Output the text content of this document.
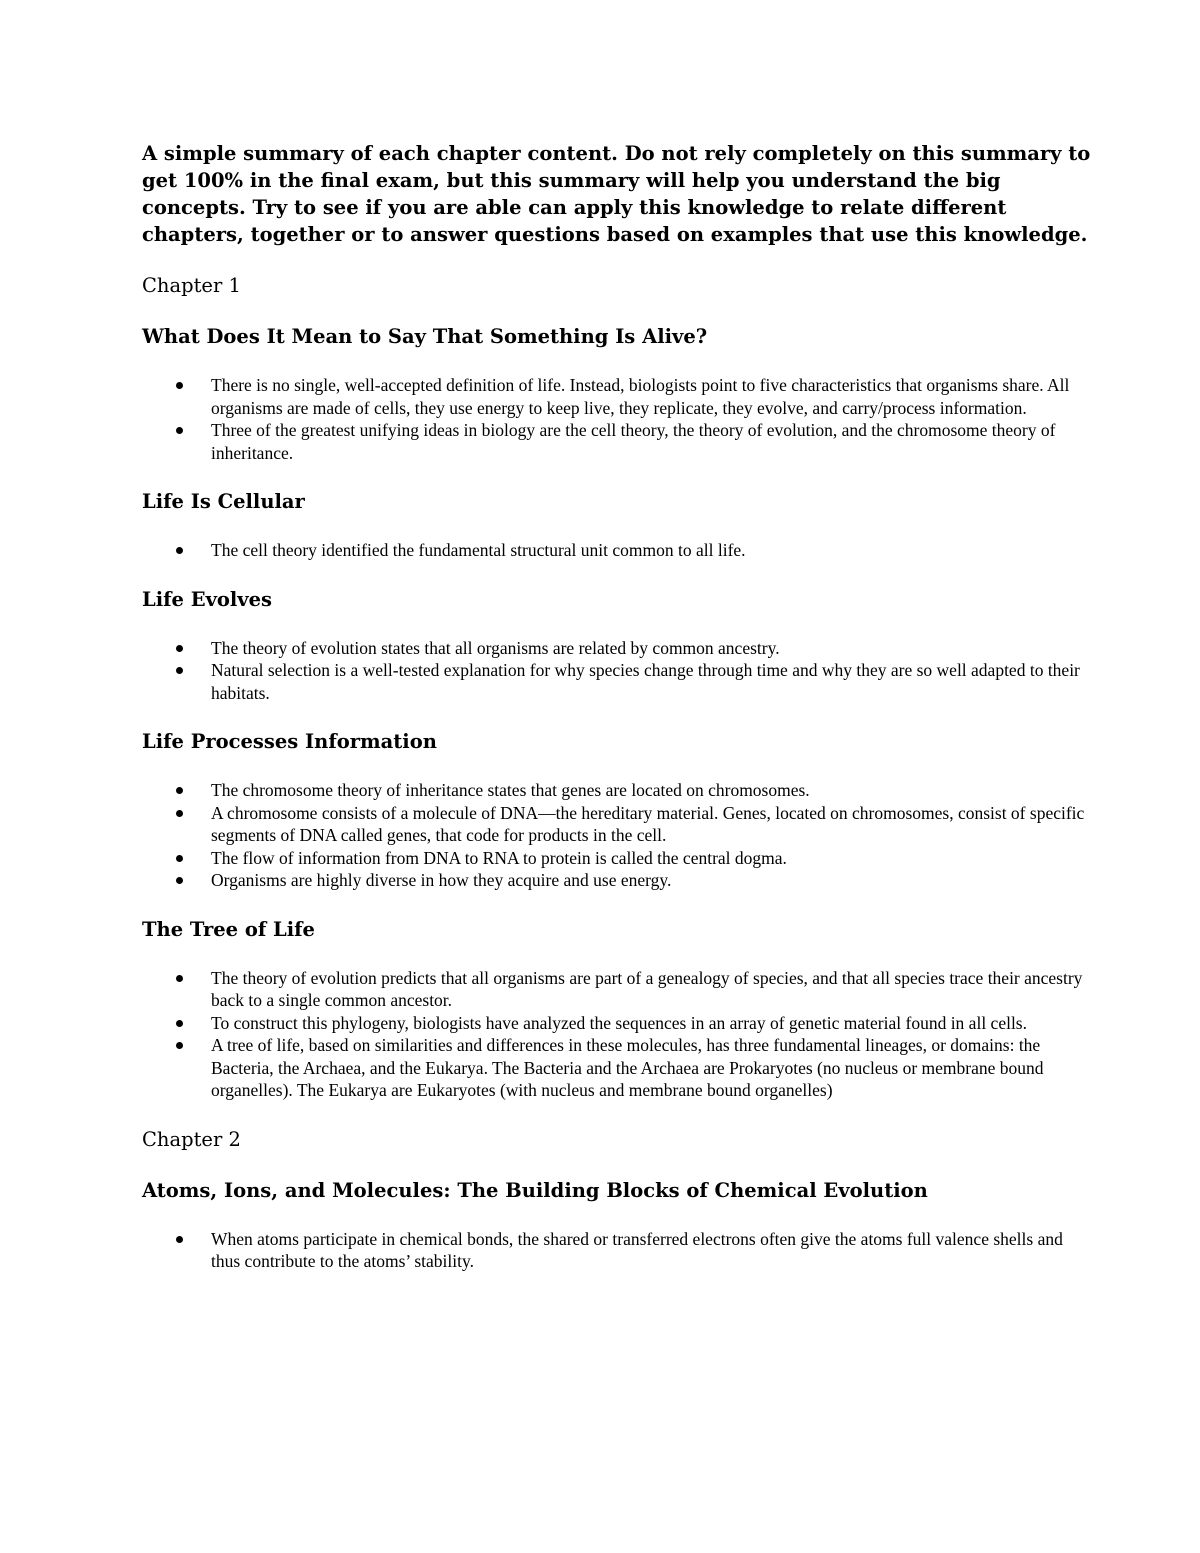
A simple summary of each chapter content. Do not rely completely on this summary to get 100% in the final exam, but this summary will help you understand the big concepts. Try to see if you are able can apply this knowledge to relate different chapters, together or to answer questions based on examples that use this knowledge.

Chapter 1

What Does It Mean to Say That Something Is Alive?

There is no single, well-accepted definition of life. Instead, biologists point to five characteristics that organisms share. All organisms are made of cells, they use energy to keep live, they replicate, they evolve, and carry/process information.
Three of the greatest unifying ideas in biology are the cell theory, the theory of evolution, and the chromosome theory of inheritance.

Life Is Cellular

The cell theory identified the fundamental structural unit common to all life.

Life Evolves

The theory of evolution states that all organisms are related by common ancestry.
Natural selection is a well-tested explanation for why species change through time and why they are so well adapted to their habitats.

Life Processes Information

The chromosome theory of inheritance states that genes are located on chromosomes.
A chromosome consists of a molecule of DNA—the hereditary material. Genes, located on chromosomes, consist of specific segments of DNA called genes, that code for products in the cell.
The flow of information from DNA to RNA to protein is called the central dogma.
Organisms are highly diverse in how they acquire and use energy.

The Tree of Life

The theory of evolution predicts that all organisms are part of a genealogy of species, and that all species trace their ancestry back to a single common ancestor.
To construct this phylogeny, biologists have analyzed the sequences in an array of genetic material found in all cells.
A tree of life, based on similarities and differences in these molecules, has three fundamental lineages, or domains: the Bacteria, the Archaea, and the Eukarya. The Bacteria and the Archaea are Prokaryotes (no nucleus or membrane bound organelles). The Eukarya are Eukaryotes (with nucleus and membrane bound organelles)

Chapter 2

Atoms, Ions, and Molecules: The Building Blocks of Chemical Evolution

When atoms participate in chemical bonds, the shared or transferred electrons often give the atoms full valence shells and thus contribute to the atoms’ stability.
